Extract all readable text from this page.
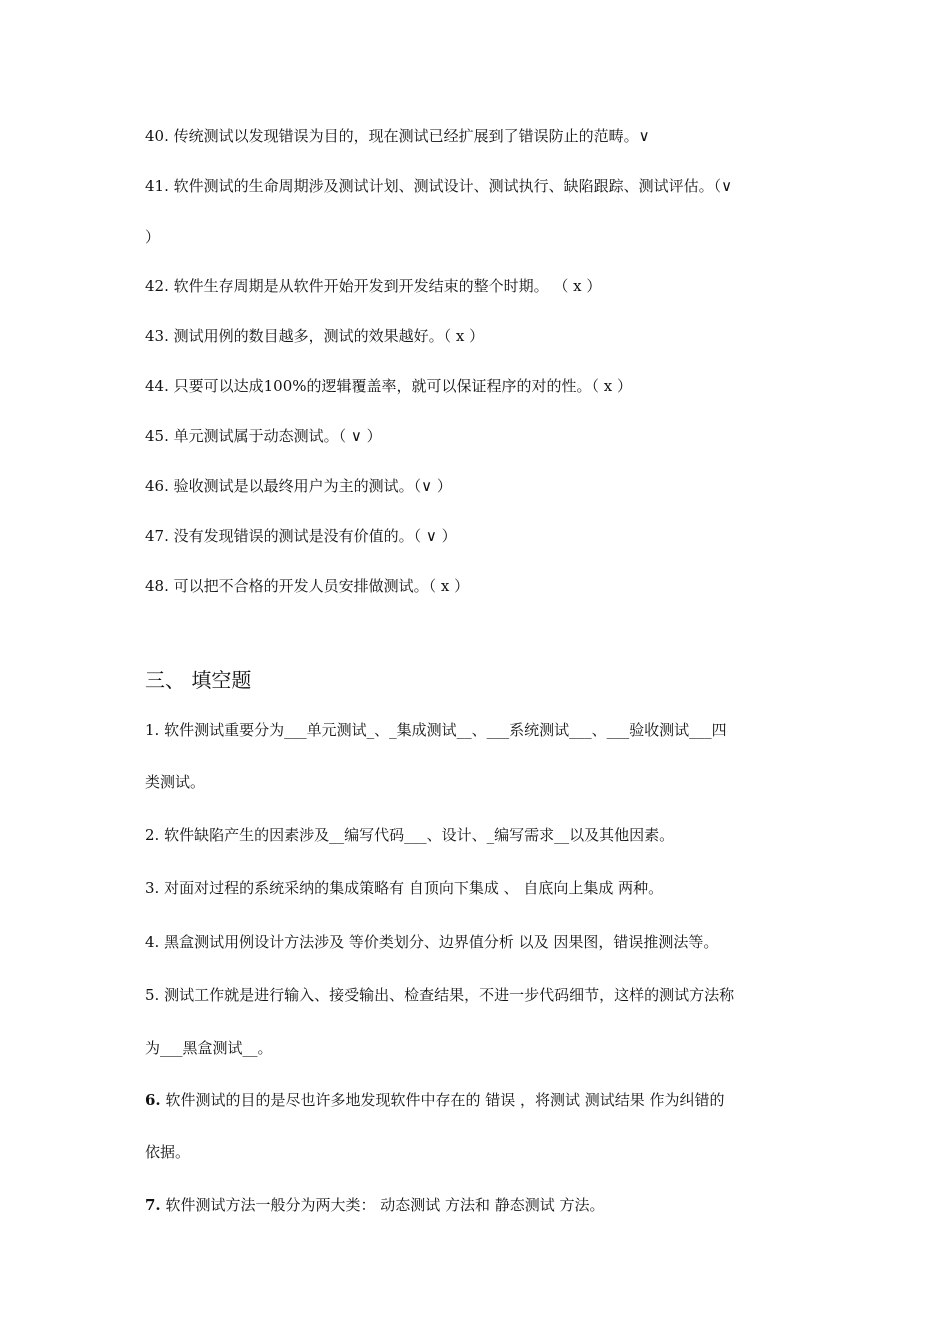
40. 传统测试以发现错误为目的，现在测试已经扩展到了错误防止的范畴。∨
41. 软件测试的生命周期涉及测试计划、测试设计、测试执行、缺陷跟踪、测试评估。（∨
）
42. 软件生存周期是从软件开始开发到开发结束的整个时期。 （ x ）
43. 测试用例的数目越多，测试的效果越好。（ x ）
44. 只要可以达成100%的逻辑覆盖率，就可以保证程序的对的性。（ x ）
45. 单元测试属于动态测试。（ ∨ ）
46. 验收测试是以最终用户为主的测试。（∨ ）
47. 没有发现错误的测试是没有价值的。（ ∨ ）
48. 可以把不合格的开发人员安排做测试。（ x ）
三、 填空题
1. 软件测试重要分为___单元测试_、_集成测试__、___系统测试___、___验收测试___四
类测试。
2. 软件缺陷产生的因素涉及__编写代码___、设计、_编写需求__以及其他因素。
3. 对面对过程的系统采纳的集成策略有 自顶向下集成 、 自底向上集成 两种。
4. 黑盒测试用例设计方法涉及 等价类划分、边界值分析 以及 因果图，错误推测法等。
5. 测试工作就是进行输入、接受输出、检查结果，不进一步代码细节，这样的测试方法称
为___黑盒测试__。
6. 软件测试的目的是尽也许多地发现软件中存在的 错误 ，将测试 测试结果 作为纠错的
依据。
7. 软件测试方法一般分为两大类： 动态测试 方法和 静态测试 方法。
